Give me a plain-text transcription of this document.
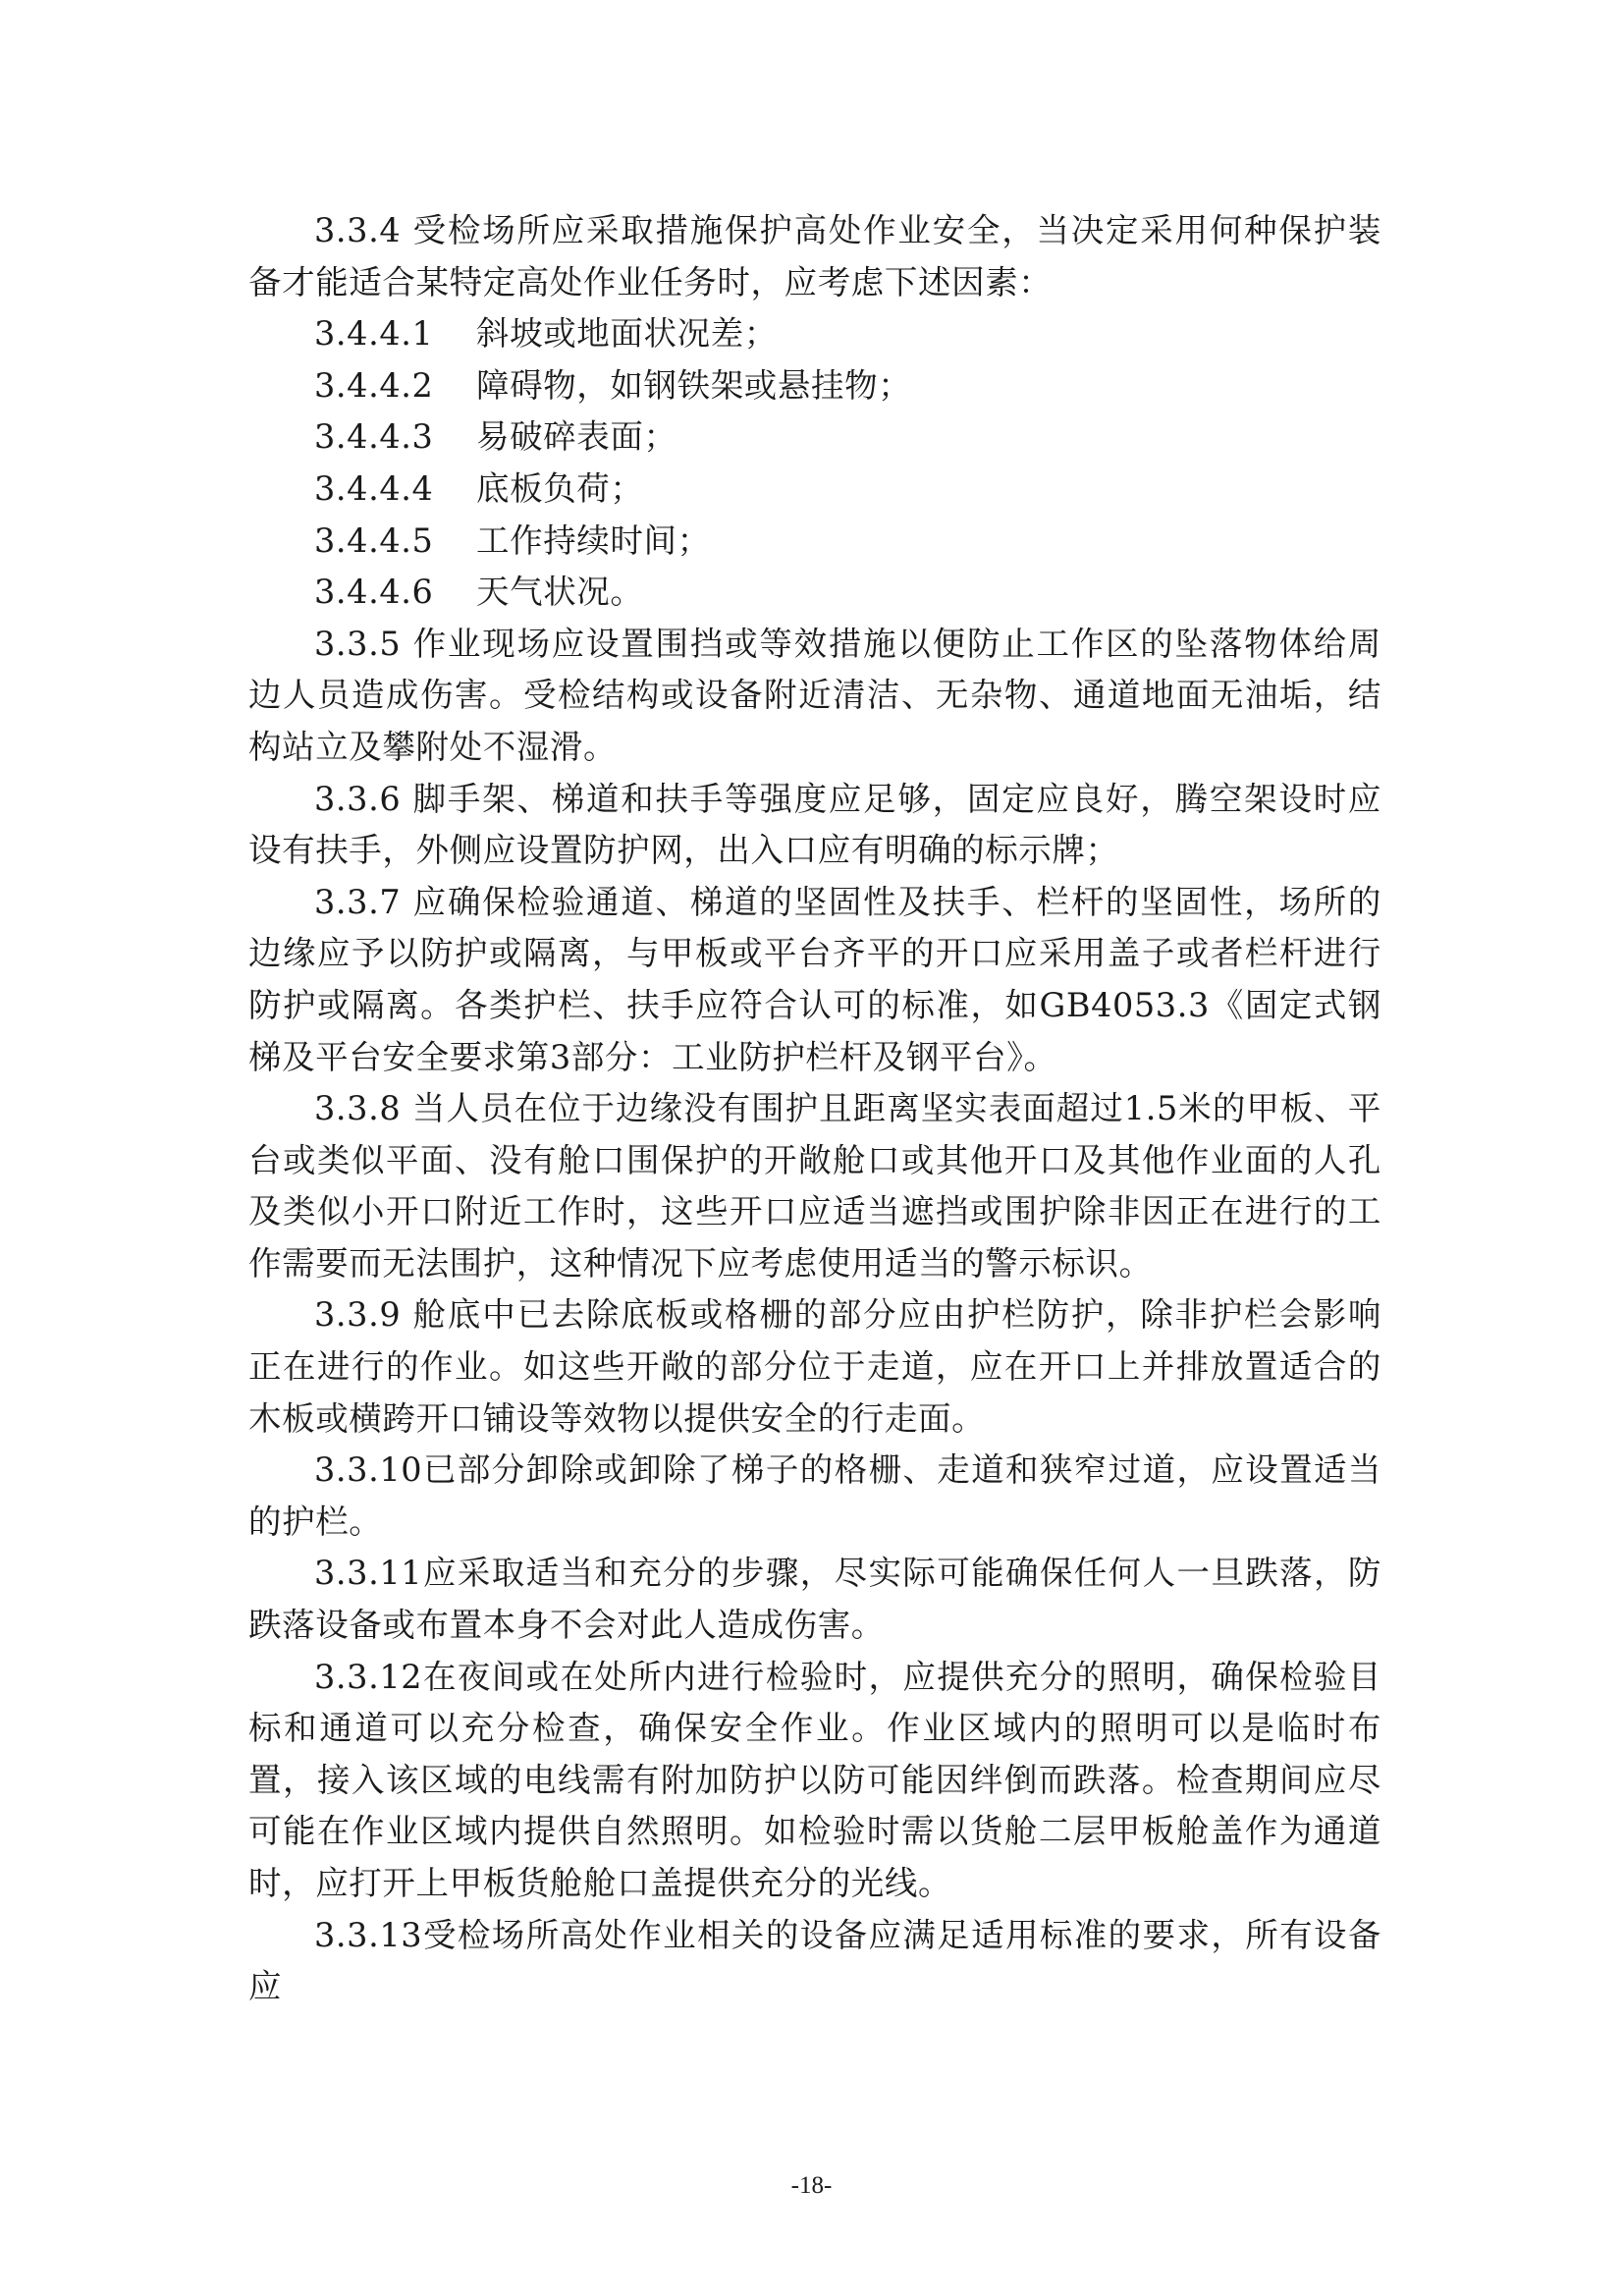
3.3.4 受检场所应采取措施保护高处作业安全，当决定采用何种保护装备才能适合某特定高处作业任务时，应考虑下述因素：

3.4.4.1 斜坡或地面状况差；
3.4.4.2 障碍物，如钢铁架或悬挂物；
3.4.4.3 易破碎表面；
3.4.4.4 底板负荷；
3.4.4.5 工作持续时间；
3.4.4.6 天气状况。

3.3.5 作业现场应设置围挡或等效措施以便防止工作区的坠落物体给周边人员造成伤害。受检结构或设备附近清洁、无杂物、通道地面无油垢，结构站立及攀附处不湿滑。

3.3.6 脚手架、梯道和扶手等强度应足够，固定应良好，腾空架设时应设有扶手，外侧应设置防护网，出入口应有明确的标示牌；

3.3.7 应确保检验通道、梯道的坚固性及扶手、栏杆的坚固性，场所的边缘应予以防护或隔离，与甲板或平台齐平的开口应采用盖子或者栏杆进行防护或隔离。各类护栏、扶手应符合认可的标准，如GB4053.3《固定式钢梯及平台安全要求第3部分：工业防护栏杆及钢平台》。

3.3.8 当人员在位于边缘没有围护且距离坚实表面超过1.5米的甲板、平台或类似平面、没有舱口围保护的开敞舱口或其他开口及其他作业面的人孔及类似小开口附近工作时，这些开口应适当遮挡或围护除非因正在进行的工作需要而无法围护，这种情况下应考虑使用适当的警示标识。

3.3.9 舱底中已去除底板或格栅的部分应由护栏防护，除非护栏会影响正在进行的作业。如这些开敞的部分位于走道，应在开口上并排放置适合的木板或横跨开口铺设等效物以提供安全的行走面。

3.3.10已部分卸除或卸除了梯子的格栅、走道和狭窄过道，应设置适当的护栏。

3.3.11应采取适当和充分的步骤，尽实际可能确保任何人一旦跌落，防跌落设备或布置本身不会对此人造成伤害。

3.3.12在夜间或在处所内进行检验时，应提供充分的照明，确保检验目标和通道可以充分检查，确保安全作业。作业区域内的照明可以是临时布置，接入该区域的电线需有附加防护以防可能因绊倒而跌落。检查期间应尽可能在作业区域内提供自然照明。如检验时需以货舱二层甲板舱盖作为通道时，应打开上甲板货舱舱口盖提供充分的光线。

3.3.13受检场所高处作业相关的设备应满足适用标准的要求，所有设备应

-18-
